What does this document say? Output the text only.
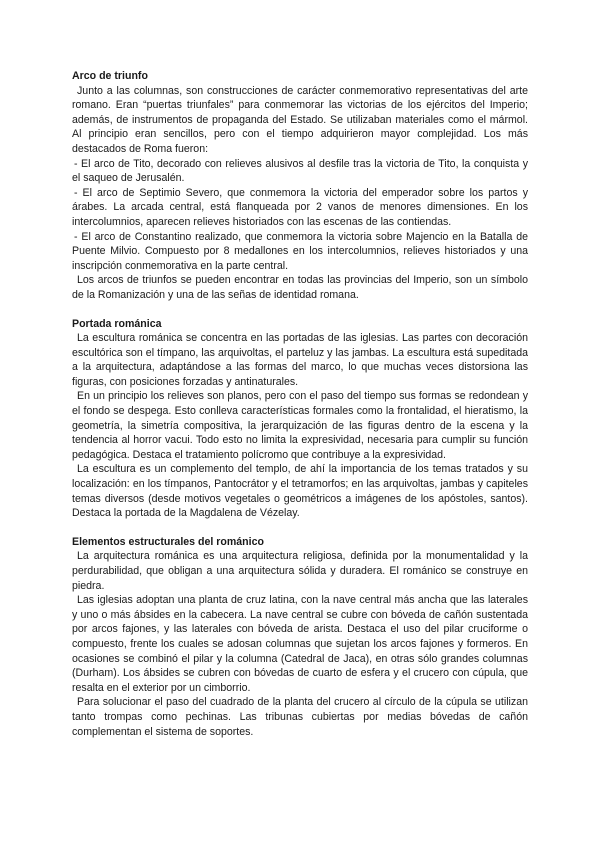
Arco de triunfo

Junto a las columnas, son construcciones de carácter conmemorativo representativas del arte romano. Eran “puertas triunfales” para conmemorar las victorias de los ejércitos del Imperio; además, de instrumentos de propaganda del Estado. Se utilizaban materiales como el mármol. Al principio eran sencillos, pero con el tiempo adquirieron mayor complejidad. Los más destacados de Roma fueron:

- El arco de Tito, decorado con relieves alusivos al desfile tras la victoria de Tito, la conquista y el saqueo de Jerusalén.

- El arco de Septimio Severo, que conmemora la victoria del emperador sobre los partos y árabes. La arcada central, está flanqueada por 2 vanos de menores dimensiones. En los intercolumnios, aparecen relieves historiados con las escenas de las contiendas.

- El arco de Constantino realizado, que conmemora la victoria sobre Majencio en la Batalla de Puente Milvio. Compuesto por 8 medallones en los intercolumnios, relieves historiados y una inscripción conmemorativa en la parte central.

Los arcos de triunfos se pueden encontrar en todas las provincias del Imperio, son un símbolo de la Romanización y una de las señas de identidad romana.

Portada románica

La escultura románica se concentra en las portadas de las iglesias. Las partes con decoración escultórica son el tímpano, las arquivoltas, el parteluz y las jambas. La escultura está supeditada a la arquitectura, adaptándose a las formas del marco, lo que muchas veces distorsiona las figuras, con posiciones forzadas y antinaturales.

En un principio los relieves son planos, pero con el paso del tiempo sus formas se redondean y el fondo se despega. Esto conlleva características formales como la frontalidad, el hieratismo, la geometría, la simetría compositiva, la jerarquización de las figuras dentro de la escena y la tendencia al horror vacui. Todo esto no limita la expresividad, necesaria para cumplir su función pedagógica. Destaca el tratamiento polícromo que contribuye a la expresividad.

La escultura es un complemento del templo, de ahí la importancia de los temas tratados y su localización: en los tímpanos, Pantocrátor y el tetramorfos; en las arquivoltas, jambas y capiteles temas diversos (desde motivos vegetales o geométricos a imágenes de los apóstoles, santos). Destaca la portada de la Magdalena de Vézelay.

Elementos estructurales del románico

La arquitectura románica es una arquitectura religiosa, definida por la monumentalidad y la perdurabilidad, que obligan a una arquitectura sólida y duradera. El románico se construye en piedra.

Las iglesias adoptan una planta de cruz latina, con la nave central más ancha que las laterales y uno o más ábsides en la cabecera. La nave central se cubre con bóveda de cañón sustentada por arcos fajones, y las laterales con bóveda de arista. Destaca el uso del pilar cruciforme o compuesto, frente los cuales se adosan columnas que sujetan los arcos fajones y formeros. En ocasiones se combinó el pilar y la columna (Catedral de Jaca), en otras sólo grandes columnas (Durham). Los ábsides se cubren con bóvedas de cuarto de esfera y el crucero con cúpula, que resalta en el exterior por un cimborrio.

Para solucionar el paso del cuadrado de la planta del crucero al círculo de la cúpula se utilizan tanto trompas como pechinas. Las tribunas cubiertas por medias bóvedas de cañón complementan el sistema de soportes.
